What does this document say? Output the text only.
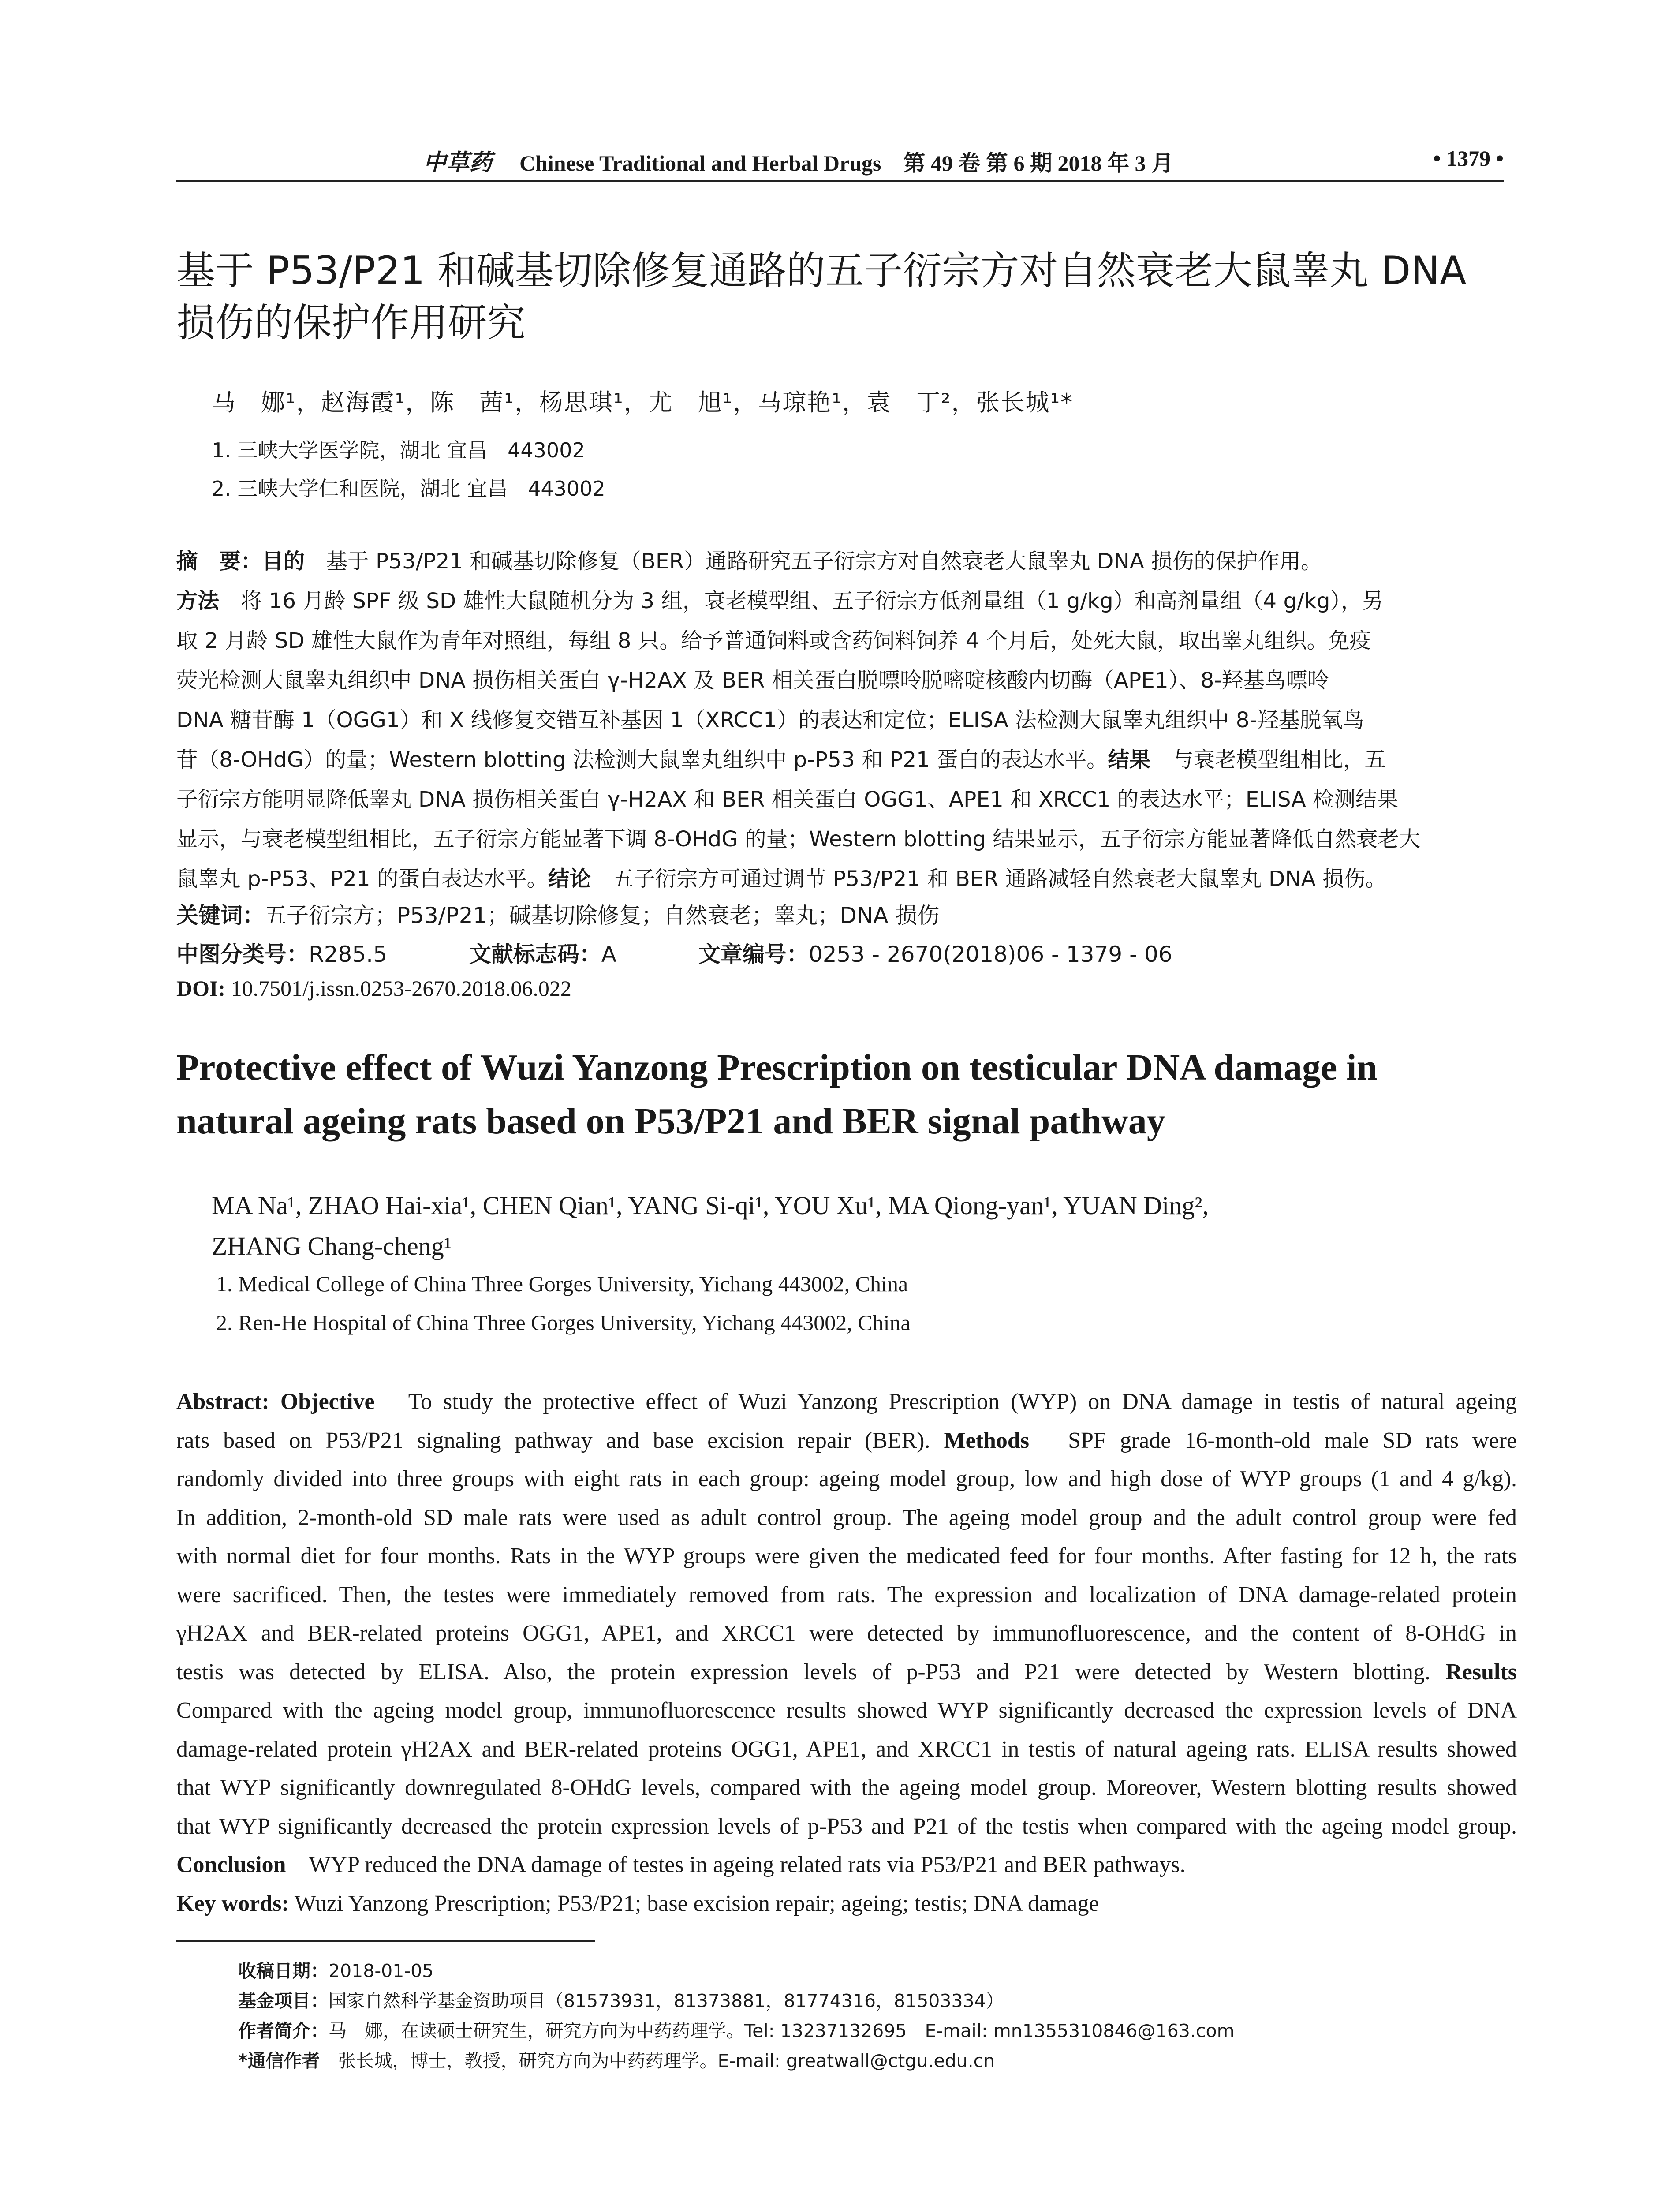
中草药 Chinese Traditional and Herbal Drugs　第 49 卷 第 6 期 2018 年 3 月	• 1379 •
基于 P53/P21 和碱基切除修复通路的五子衍宗方对自然衰老大鼠睾丸 DNA
损伤的保护作用研究
马　娜¹，赵海霞¹，陈　茜¹，杨思琪¹，尤　旭¹，马琼艳¹，袁　丁²，张长城¹*
1. 三峡大学医学院，湖北 宜昌　443002
2. 三峡大学仁和医院，湖北 宜昌　443002
摘　要：目的　基于 P53/P21 和碱基切除修复（BER）通路研究五子衍宗方对自然衰老大鼠睾丸 DNA 损伤的保护作用。
方法　将 16 月龄 SPF 级 SD 雄性大鼠随机分为 3 组，衰老模型组、五子衍宗方低剂量组（1 g/kg）和高剂量组（4 g/kg），另
取 2 月龄 SD 雄性大鼠作为青年对照组，每组 8 只。给予普通饲料或含药饲料饲养 4 个月后，处死大鼠，取出睾丸组织。免疫
荧光检测大鼠睾丸组织中 DNA 损伤相关蛋白 γ-H2AX 及 BER 相关蛋白脱嘌呤脱嘧啶核酸内切酶（APE1）、8-羟基鸟嘌呤
DNA 糖苷酶 1（OGG1）和 X 线修复交错互补基因 1（XRCC1）的表达和定位；ELISA 法检测大鼠睾丸组织中 8-羟基脱氧鸟
苷（8-OHdG）的量；Western blotting 法检测大鼠睾丸组织中 p-P53 和 P21 蛋白的表达水平。结果　与衰老模型组相比，五
子衍宗方能明显降低睾丸 DNA 损伤相关蛋白 γ-H2AX 和 BER 相关蛋白 OGG1、APE1 和 XRCC1 的表达水平；ELISA 检测结果
显示，与衰老模型组相比，五子衍宗方能显著下调 8-OHdG 的量；Western blotting 结果显示，五子衍宗方能显著降低自然衰老大
鼠睾丸 p-P53、P21 的蛋白表达水平。结论　五子衍宗方可通过调节 P53/P21 和 BER 通路减轻自然衰老大鼠睾丸 DNA 损伤。
关键词：五子衍宗方；P53/P21；碱基切除修复；自然衰老；睾丸；DNA 损伤
中图分类号：R285.5	文献标志码：A	文章编号：0253 - 2670(2018)06 - 1379 - 06
DOI: 10.7501/j.issn.0253-2670.2018.06.022
Protective effect of Wuzi Yanzong Prescription on testicular DNA damage in
natural ageing rats based on P53/P21 and BER signal pathway
MA Na¹, ZHAO Hai-xia¹, CHEN Qian¹, YANG Si-qi¹, YOU Xu¹, MA Qiong-yan¹, YUAN Ding²,
ZHANG Chang-cheng¹
1. Medical College of China Three Gorges University, Yichang 443002, China
2. Ren-He Hospital of China Three Gorges University, Yichang 443002, China
Abstract: Objective　To study the protective effect of Wuzi Yanzong Prescription (WYP) on DNA damage in testis of natural ageing
rats based on P53/P21 signaling pathway and base excision repair (BER). Methods　SPF grade 16-month-old male SD rats were
randomly divided into three groups with eight rats in each group: ageing model group, low and high dose of WYP groups (1 and 4 g/kg).
In addition, 2-month-old SD male rats were used as adult control group. The ageing model group and the adult control group were fed
with normal diet for four months. Rats in the WYP groups were given the medicated feed for four months. After fasting for 12 h, the rats
were sacrificed. Then, the testes were immediately removed from rats. The expression and localization of DNA damage-related protein
γH2AX and BER-related proteins OGG1, APE1, and XRCC1 were detected by immunofluorescence, and the content of 8-OHdG in
testis was detected by ELISA. Also, the protein expression levels of p-P53 and P21 were detected by Western blotting. Results
Compared with the ageing model group, immunofluorescence results showed WYP significantly decreased the expression levels of DNA
damage-related protein γH2AX and BER-related proteins OGG1, APE1, and XRCC1 in testis of natural ageing rats. ELISA results showed
that WYP significantly downregulated 8-OHdG levels, compared with the ageing model group. Moreover, Western blotting results showed
that WYP significantly decreased the protein expression levels of p-P53 and P21 of the testis when compared with the ageing model group.
Conclusion　WYP reduced the DNA damage of testes in ageing related rats via P53/P21 and BER pathways.
Key words: Wuzi Yanzong Prescription; P53/P21; base excision repair; ageing; testis; DNA damage
收稿日期：2018-01-05
基金项目：国家自然科学基金资助项目（81573931，81373881，81774316，81503334）
作者简介：马　娜，在读硕士研究生，研究方向为中药药理学。Tel: 13237132695　E-mail: mn1355310846@163.com
*通信作者　张长城，博士，教授，研究方向为中药药理学。E-mail: greatwall@ctgu.edu.cn
